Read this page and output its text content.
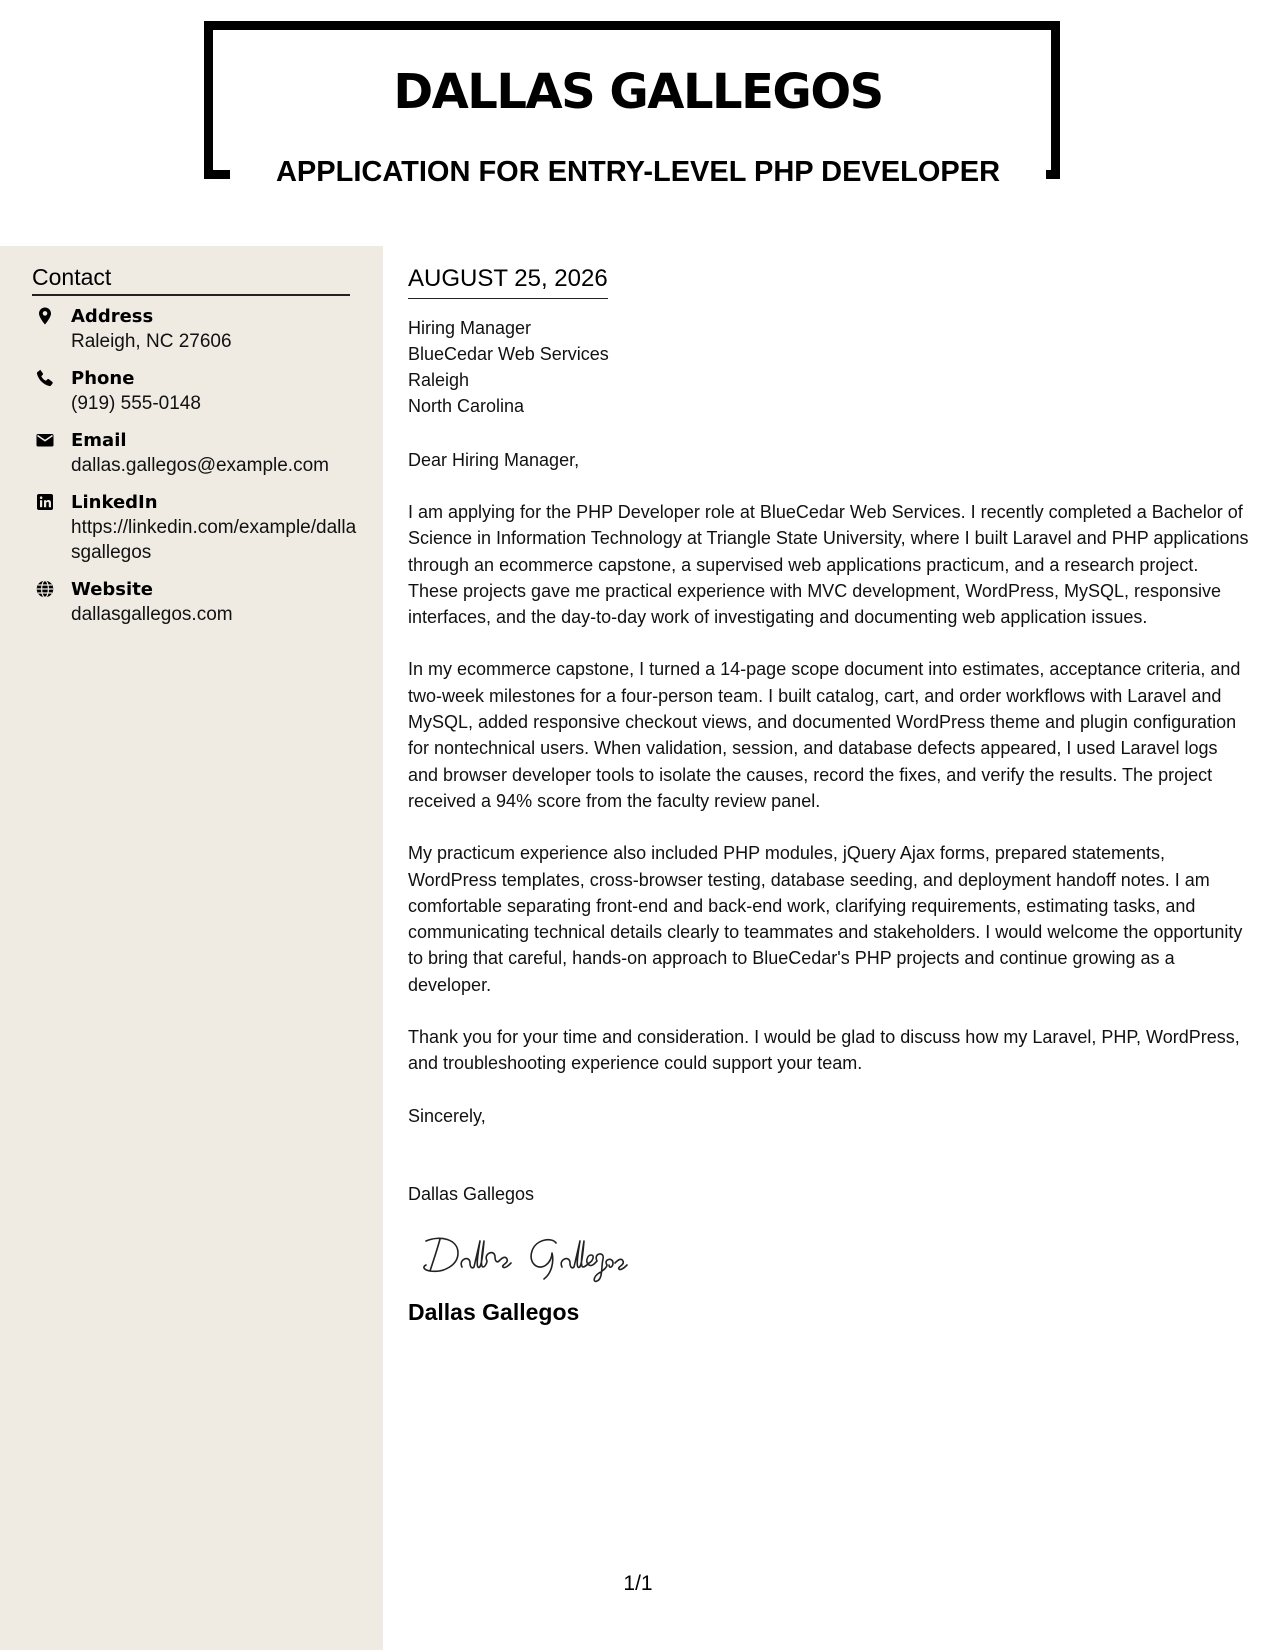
DALLAS GALLEGOS
APPLICATION FOR ENTRY-LEVEL PHP DEVELOPER
Contact
Address
Raleigh, NC 27606
Phone
(919) 555-0148
Email
dallas.gallegos@example.com
LinkedIn
https://linkedin.com/example/dallasgallegos
Website
dallasgallegos.com
AUGUST 25, 2026
Hiring Manager
BlueCedar Web Services
Raleigh
North Carolina
Dear Hiring Manager,

I am applying for the PHP Developer role at BlueCedar Web Services. I recently completed a Bachelor of Science in Information Technology at Triangle State University, where I built Laravel and PHP applications through an ecommerce capstone, a supervised web applications practicum, and a research project. These projects gave me practical experience with MVC development, WordPress, MySQL, responsive interfaces, and the day-to-day work of investigating and documenting web application issues.

In my ecommerce capstone, I turned a 14-page scope document into estimates, acceptance criteria, and two-week milestones for a four-person team. I built catalog, cart, and order workflows with Laravel and MySQL, added responsive checkout views, and documented WordPress theme and plugin configuration for nontechnical users. When validation, session, and database defects appeared, I used Laravel logs and browser developer tools to isolate the causes, record the fixes, and verify the results. The project received a 94% score from the faculty review panel.

My practicum experience also included PHP modules, jQuery Ajax forms, prepared statements, WordPress templates, cross-browser testing, database seeding, and deployment handoff notes. I am comfortable separating front-end and back-end work, clarifying requirements, estimating tasks, and communicating technical details clearly to teammates and stakeholders. I would welcome the opportunity to bring that careful, hands-on approach to BlueCedar's PHP projects and continue growing as a developer.

Thank you for your time and consideration. I would be glad to discuss how my Laravel, PHP, WordPress, and troubleshooting experience could support your team.

Sincerely,
Dallas Gallegos
Dallas Gallegos
1/1
